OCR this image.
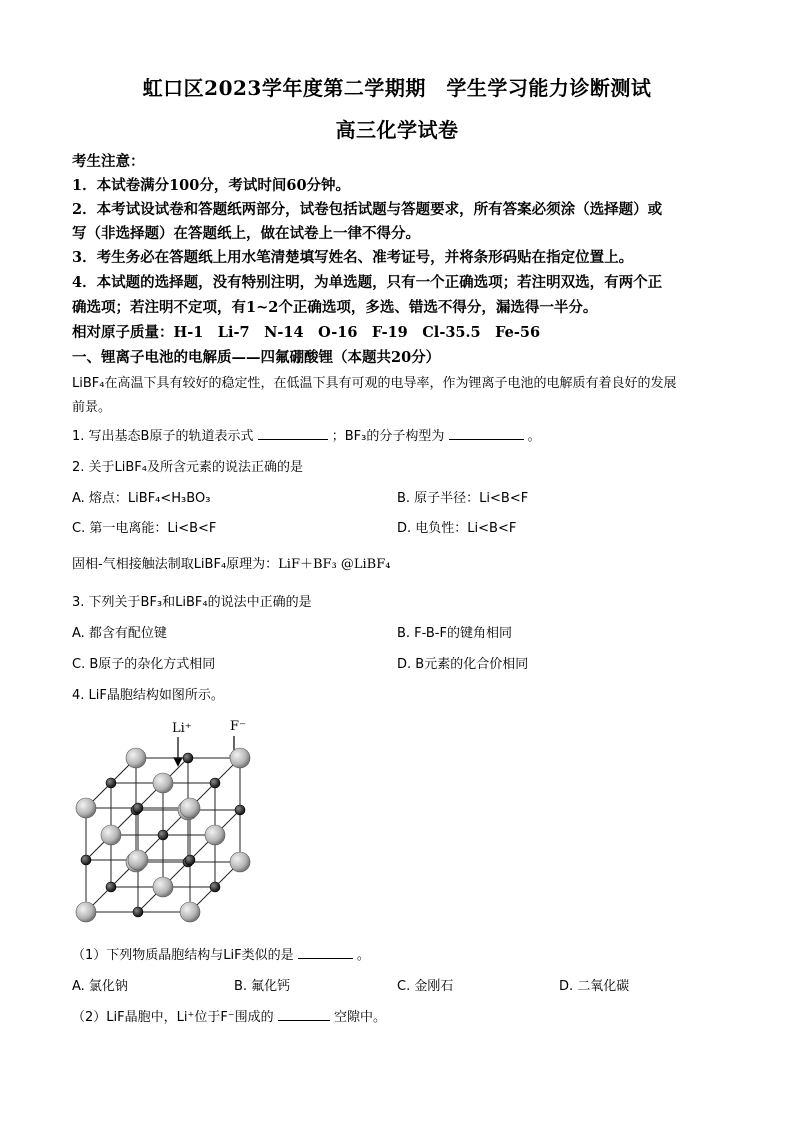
虹口区2023学年度第二学期期　学生学习能力诊断测试
高三化学试卷
考生注意：
1．本试卷满分100分，考试时间60分钟。
2．本考试设试卷和答题纸两部分，试卷包括试题与答题要求，所有答案必须涂（选择题）或
写（非选择题）在答题纸上，做在试卷上一律不得分。
3．考生务必在答题纸上用水笔清楚填写姓名、准考证号，并将条形码贴在指定位置上。
4．本试题的选择题，没有特别注明，为单选题，只有一个正确选项；若注明双选，有两个正
确选项；若注明不定项，有1~2个正确选项，多选、错选不得分，漏选得一半分。
相对原子质量：H-1　Li-7　N-14　O-16　F-19　Cl-35.5　Fe-56
一、锂离子电池的电解质——四氟硼酸锂（本题共20分）
LiBF₄在高温下具有较好的稳定性，在低温下具有可观的电导率，作为锂离子电池的电解质有着良好的发展
前景。
1. 写出基态B原子的轨道表示式	；BF₃的分子构型为	。
2. 关于LiBF₄及所含元素的说法正确的是
A. 熔点：LiBF₄<H₃BO₃	B. 原子半径：Li<B<F
C. 第一电离能：Li<B<F	D. 电负性：Li<B<F
固相-气相接触法制取LiBF₄原理为：LiF＋BF₃ @LiBF₄
3. 下列关于BF₃和LiBF₄的说法中正确的是
A. 都含有配位键	B. F-B-F的键角相同
C. B原子的杂化方式相同	D. B元素的化合价相同
4. LiF晶胞结构如图所示。
Li⁺	F⁻
（1）下列物质晶胞结构与LiF类似的是	。
A. 氯化钠	B. 氟化钙	C. 金刚石	D. 二氧化碳
（2）LiF晶胞中，Li⁺位于F⁻围成的	空隙中。
